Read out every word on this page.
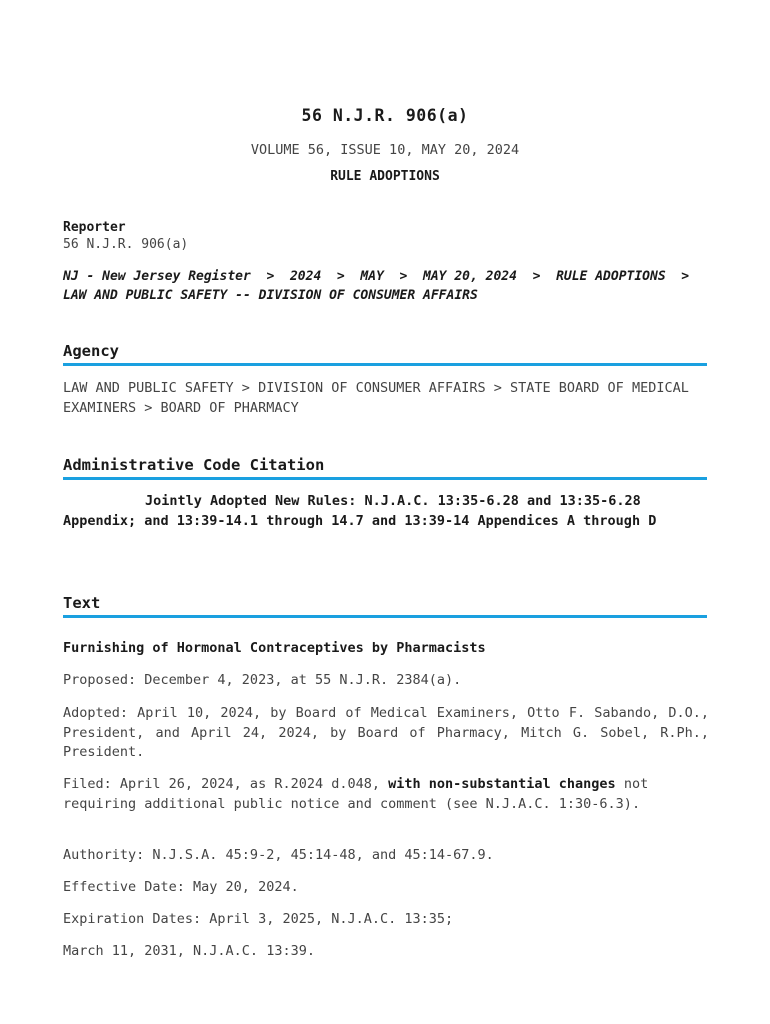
56 N.J.R. 906(a)
VOLUME 56, ISSUE 10, MAY 20, 2024
RULE ADOPTIONS
Reporter
56 N.J.R. 906(a)
NJ - New Jersey Register  >  2024  >  MAY  >  MAY 20, 2024  >  RULE ADOPTIONS  >  LAW AND PUBLIC SAFETY -- DIVISION OF CONSUMER AFFAIRS
Agency
LAW AND PUBLIC SAFETY > DIVISION OF CONSUMER AFFAIRS > STATE BOARD OF MEDICAL EXAMINERS > BOARD OF PHARMACY
Administrative Code Citation
Jointly Adopted New Rules: N.J.A.C. 13:35-6.28 and 13:35-6.28 Appendix; and 13:39-14.1 through 14.7 and 13:39-14 Appendices A through D
Text

Furnishing of Hormonal Contraceptives by Pharmacists

Proposed: December 4, 2023, at 55 N.J.R. 2384(a).

Adopted: April 10, 2024, by Board of Medical Examiners, Otto F. Sabando, D.O., President, and April 24, 2024, by Board of Pharmacy, Mitch G. Sobel, R.Ph., President.

Filed: April 26, 2024, as R.2024 d.048, with non-substantial changes not requiring additional public notice and comment (see N.J.A.C. 1:30-6.3).

Authority: N.J.S.A. 45:9-2, 45:14-48, and 45:14-67.9.

Effective Date: May 20, 2024.

Expiration Dates: April 3, 2025, N.J.A.C. 13:35;

March 11, 2031, N.J.A.C. 13:39.
